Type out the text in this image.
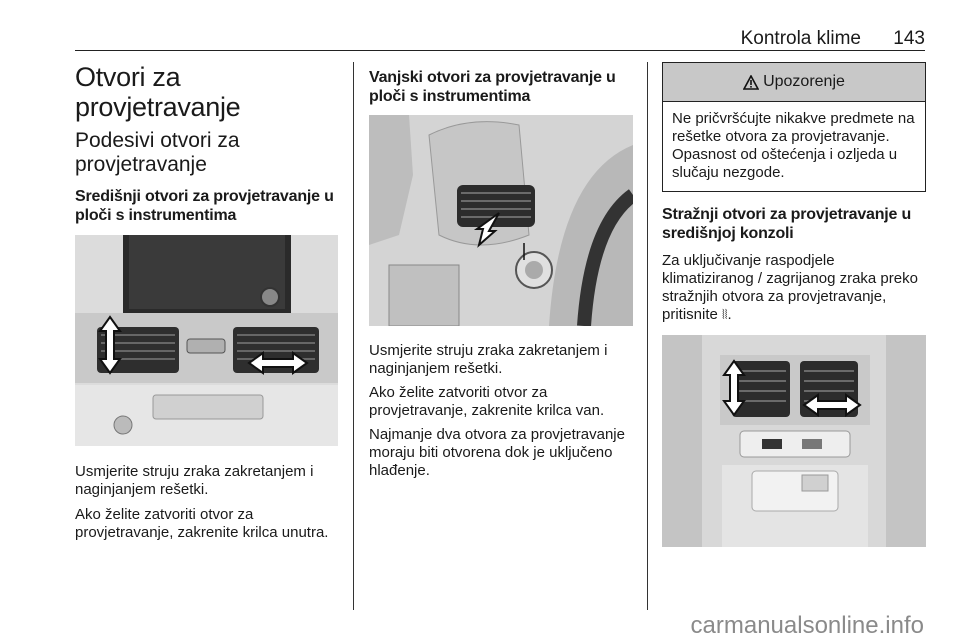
Kontrola klime 143
Otvori za provjetravanje
Podesivi otvori za provjetravanje
Središnji otvori za provjetravanje u ploči s instrumentima

Usmjerite struju zraka zakretanjem i naginjanjem rešetki.

Ako želite zatvoriti otvor za provjetravanje, zakrenite krilca unutra.

Vanjski otvori za provjetravanje u ploči s instrumentima

Usmjerite struju zraka zakretanjem i naginjanjem rešetki.

Ako želite zatvoriti otvor za provjetravanje, zakrenite krilca van.

Najmanje dva otvora za provjetravanje moraju biti otvorena dok je uključeno hlađenje.

Upozorenje
Ne pričvršćujte nikakve predmete na rešetke otvora za provjetravanje. Opasnost od oštećenja i ozljeda u slučaju nezgode.
Stražnji otvori za provjetravanje u središnjoj konzoli

Za uključivanje raspodjele klimatiziranog / zagrijanog zraka preko stražnjih otvora za provjetravanje, pritisnite ⦚⦚.

carmanualsonline.info
